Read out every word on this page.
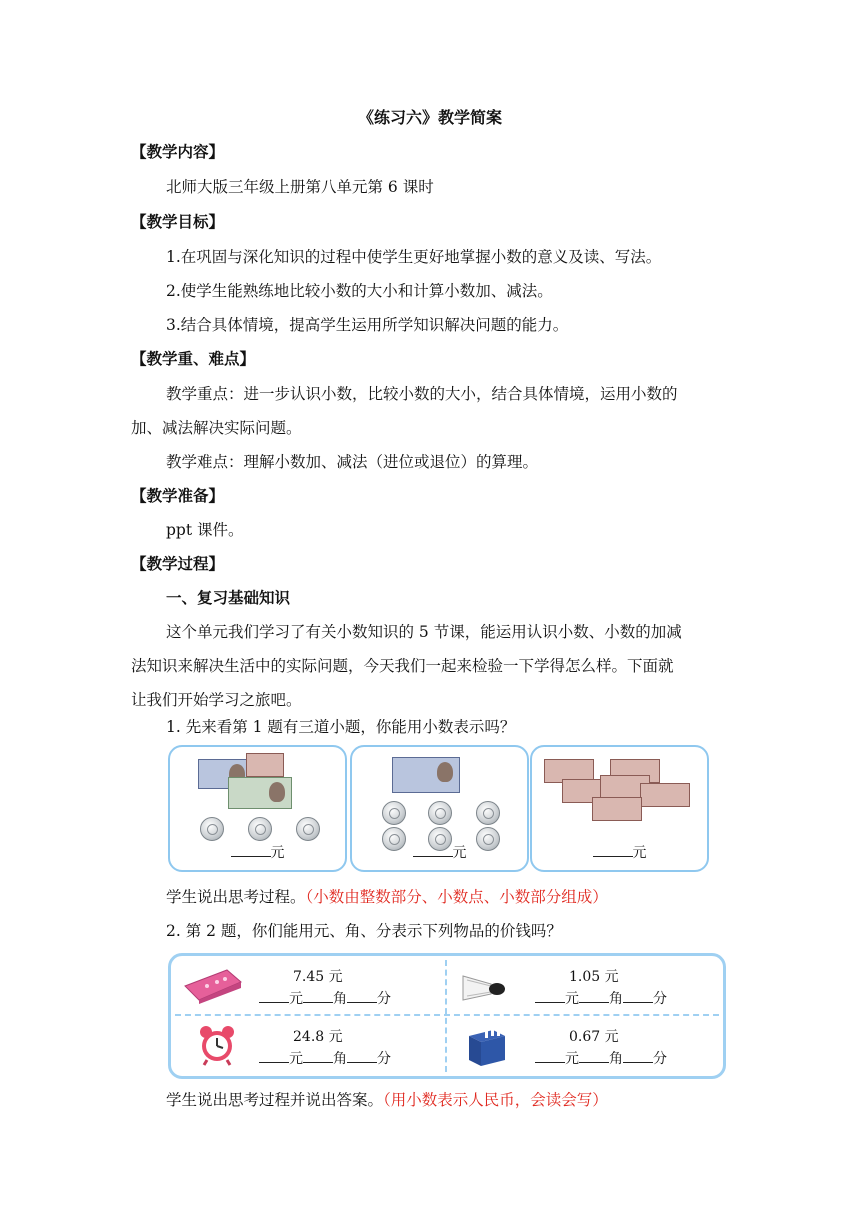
《练习六》教学简案
【教学内容】
北师大版三年级上册第八单元第 6 课时
【教学目标】
1.在巩固与深化知识的过程中使学生更好地掌握小数的意义及读、写法。
2.使学生能熟练地比较小数的大小和计算小数加、减法。
3.结合具体情境，提高学生运用所学知识解决问题的能力。
【教学重、难点】
教学重点：进一步认识小数，比较小数的大小，结合具体情境，运用小数的
加、减法解决实际问题。
教学难点：理解小数加、减法（进位或退位）的算理。
【教学准备】
ppt 课件。
【教学过程】
一、复习基础知识
这个单元我们学习了有关小数知识的 5 节课，能运用认识小数、小数的加减
法知识来解决生活中的实际问题，今天我们一起来检验一下学得怎么样。下面就
让我们开始学习之旅吧。
1. 先来看第 1 题有三道小题，你能用小数表示吗？
元	元	元
学生说出思考过程。（小数由整数部分、小数点、小数部分组成）
2. 第 2 题，你们能用元、角、分表示下列物品的价钱吗？
7.45 元
元 角 分
1.05 元
元 角 分
24.8 元
元 角 分
0.67 元
元 角 分
学生说出思考过程并说出答案。（用小数表示人民币，会读会写）
